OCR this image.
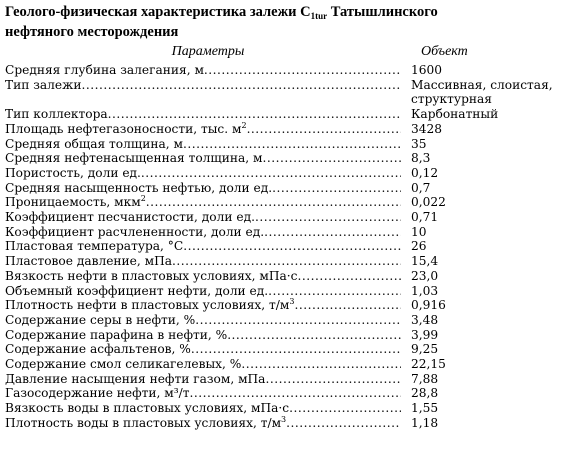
Геолого-физическая характеристика залежи $C_{1tur}$ Татышлинского
нефтяного месторождения
Параметры	Объект
Средняя глубина залегания, м .....	1600
Тип залежи .....	Массивная, слоистая,
структурная
Тип коллектора .....	Карбонатный
Площадь нефтегазоносности, тыс. $м^2$ .....	3428
Средняя общая толщина, м .....	35
Средняя нефтенасыщенная толщина, м .....	8,3
Пористость, доли ед. .....	0,12
Средняя насыщенность нефтью, доли ед. .....	0,7
Проницаемость, мкм$^2$ .....	0,022
Коэффициент песчанистости, доли ед. .....	0,71
Коэффициент расчлененности, доли ед. .....	10
Пластовая температура, °С .....	26
Пластовое давление, мПа .....	15,4
Вязкость нефти в пластовых условиях, мПа·с .....	23,0
Объемный коэффициент нефти, доли ед. .....	1,03
Плотность нефти в пластовых условиях, $т/м^3$ .....	0,916
Содержание серы в нефти, % .....	3,48
Содержание парафина в нефти, % .....	3,99
Содержание асфальтенов, % .....	9,25
Содержание смол селикагелевых, % .....	22,15
Давление насыщения нефти газом, мПа .....	7,88
Газосодержание нефти, м³/т .....	28,8
Вязкость воды в пластовых условиях, мПа·с .....	1,55
Плотность воды в пластовых условиях, $т/м^3$ .....	1,18
